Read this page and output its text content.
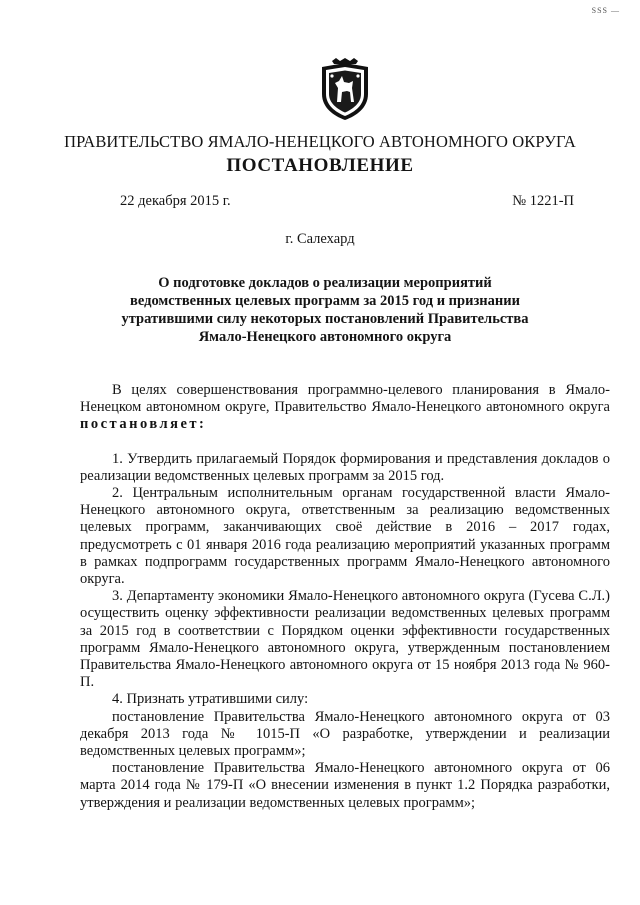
SSS —
ПРАВИТЕЛЬСТВО ЯМАЛО-НЕНЕЦКОГО АВТОНОМНОГО ОКРУГА
ПОСТАНОВЛЕНИЕ
22 декабря 2015 г.	№ 1221-П
г. Салехард
О подготовке докладов о реализации мероприятий ведомственных целевых программ за 2015 год и признании утратившими силу некоторых постановлений Правительства Ямало-Ненецкого автономного округа

В целях совершенствования программно-целевого планирования в Ямало-Ненецком автономном округе, Правительство Ямало-Ненецкого автономного округа постановляет:

1. Утвердить прилагаемый Порядок формирования и представления докладов о реализации ведомственных целевых программ за 2015 год.

2. Центральным исполнительным органам государственной власти Ямало-Ненецкого автономного округа, ответственным за реализацию ведомственных целевых программ, заканчивающих своё действие в 2016 – 2017 годах, предусмотреть с 01 января 2016 года реализацию мероприятий указанных программ в рамках подпрограмм государственных программ Ямало-Ненецкого автономного округа.

3. Департаменту экономики Ямало-Ненецкого автономного округа (Гусева С.Л.) осуществить оценку эффективности реализации ведомственных целевых программ за 2015 год в соответствии с Порядком оценки эффективности государственных программ Ямало-Ненецкого автономного округа, утвержденным постановлением Правительства Ямало-Ненецкого автономного округа от 15 ноября 2013 года № 960-П.

4. Признать утратившими силу:

постановление Правительства Ямало-Ненецкого автономного округа от 03 декабря 2013 года № 1015-П «О разработке, утверждении и реализации ведомственных целевых программ»;

постановление Правительства Ямало-Ненецкого автономного округа от 06 марта 2014 года № 179-П «О внесении изменения в пункт 1.2 Порядка разработки, утверждения и реализации ведомственных целевых программ»;
